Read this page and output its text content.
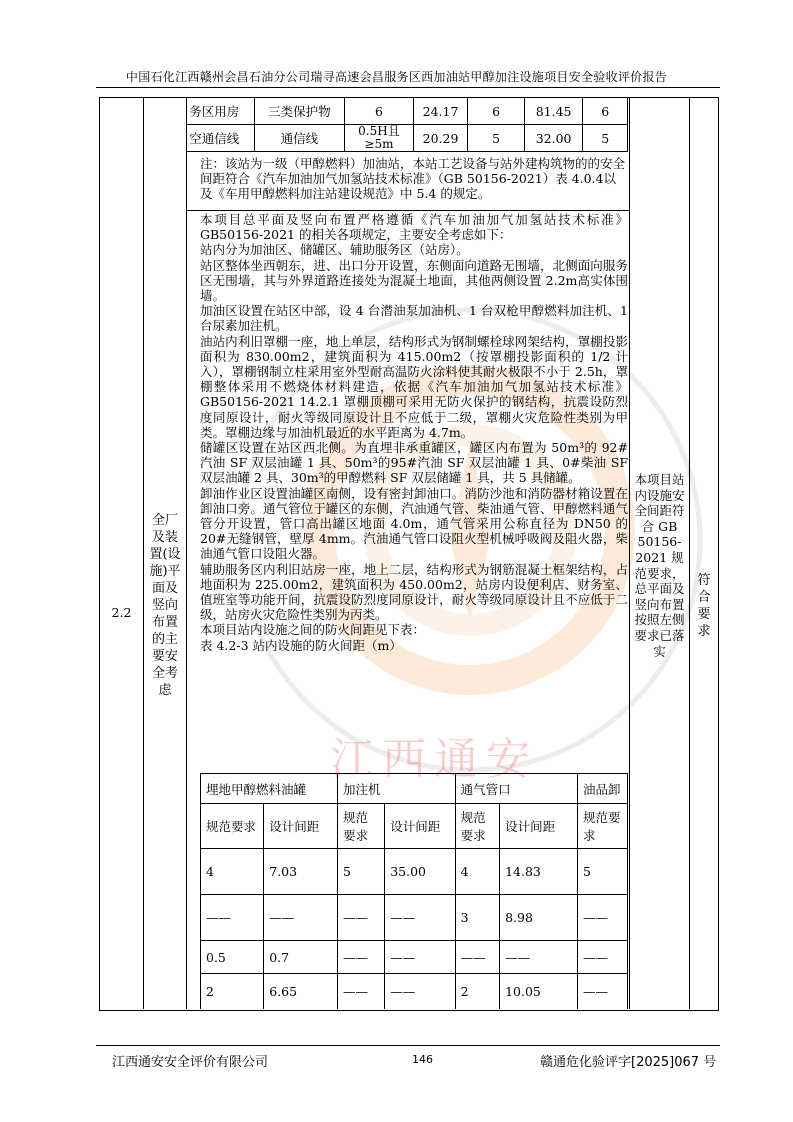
中国石化江西赣州会昌石油分公司瑞寻高速会昌服务区西加油站甲醇加注设施项目安全验收评价报告
江西通安
务区用房	三类保护物	6	24.17	6	81.45	6
空通信线	通信线	0.5H且≥5m	20.29	5	32.00	5
注：该站为一级（甲醇燃料）加油站，本站工艺设备与站外建构筑物的的安全间距符合《汽车加油加气加氢站技术标准》（GB 50156-2021）表 4.0.4以及《车用甲醇燃料加注站建设规范》中 5.4 的规定。
2.2
全厂及装置(设施)平面及竖向布置的主要安全考虑
本项目总平面及竖向布置严格遵循《汽车加油加气加氢站技术标准》GB50156-2021 的相关各项规定，主要安全考虑如下：
站内分为加油区、储罐区、辅助服务区（站房）。
站区整体坐西朝东，进、出口分开设置，东侧面向道路无围墙，北侧面向服务区无围墙，其与外界道路连接处为混凝土地面，其他两侧设置 2.2m高实体围墙。
加油区设置在站区中部，设 4 台潜油泵加油机、1 台双枪甲醇燃料加注机、1 台尿素加注机。
油站内利旧罩棚一座，地上单层，结构形式为钢制螺栓球网架结构，罩棚投影面积为 830.00m2，建筑面积为 415.00m2（按罩棚投影面积的 1/2 计入），罩棚钢制立柱采用室外型耐高温防火涂料使其耐火极限不小于 2.5h，罩棚整体采用不燃烧体材料建造，依据《汽车加油加气加氢站技术标准》GB50156-2021 14.2.1 罩棚顶棚可采用无防火保护的钢结构，抗震设防烈度同原设计，耐火等级同原设计且不应低于二级，罩棚火灾危险性类别为甲类。罩棚边缘与加油机最近的水平距离为 4.7m。
储罐区设置在站区西北侧。为直埋非承重罐区，罐区内布置为 50m³的 92#汽油 SF 双层油罐 1 具、50m³的95#汽油 SF 双层油罐 1 具、0#柴油 SF 双层油罐 2 具、30m³的甲醇燃料 SF 双层储罐 1 具，共 5 具储罐。
卸油作业区设置油罐区南侧，设有密封卸油口。消防沙池和消防器材箱设置在卸油口旁。通气管位于罐区的东侧，汽油通气管、柴油通气管、甲醇燃料通气管分开设置，管口高出罐区地面 4.0m，通气管采用公称直径为 DN50 的 20#无缝钢管，壁厚 4mm。汽油通气管口设阻火型机械呼吸阀及阻火器，柴油通气管口设阻火器。
辅助服务区内利旧站房一座，地上二层，结构形式为钢筋混凝土框架结构，占地面积为 225.00m2，建筑面积为 450.00m2，站房内设便利店、财务室、值班室等功能开间，抗震设防烈度同原设计，耐火等级同原设计且不应低于二级，站房火灾危险性类别为丙类。
本项目站内设施之间的防火间距见下表：
表 4.2-3 站内设施的防火间距（m）
本项目站内设施安全间距符合 GB 50156-2021 规范要求，总平面及竖向布置按照左侧要求已落实
符合要求
埋地甲醇燃料油罐		加注机		通气管口		油品卸
规范要求	设计间距	规范要求	设计间距	规范要求	设计间距	规范要求
4	7.03	5	35.00	4	14.83	5
——	——	——	——	3	8.98	——
0.5	0.7	——	——	——	——	——
2	6.65	——	——	2	10.05	——
江西通安安全评价有限公司	146	赣通危化验评字[2025]067 号
